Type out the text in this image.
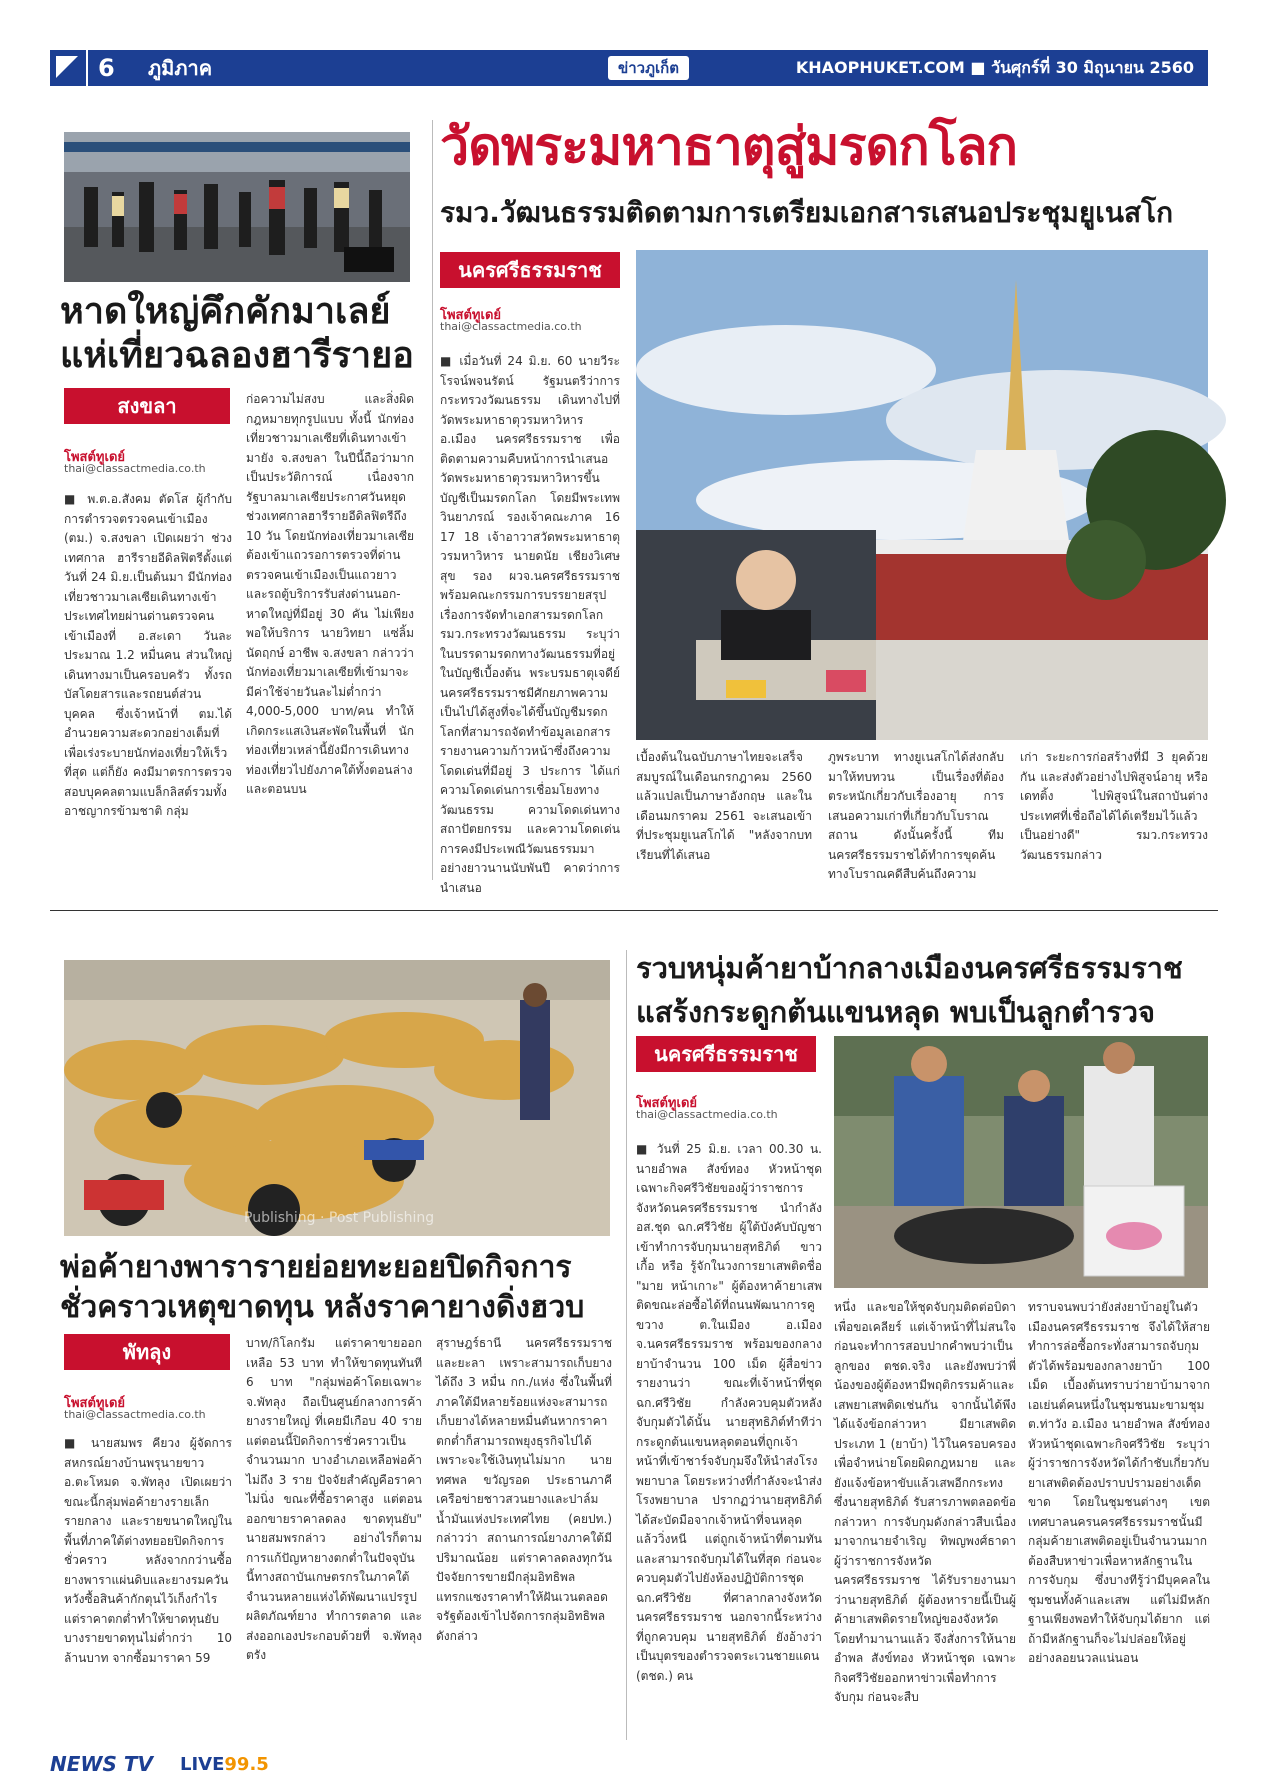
6 ภูมิภาค	ข่าวภูเก็ต	KHAOPHUKET.COM ■ วันศุกร์ที่ 30 มิถุนายน 2560
หาดใหญ่คึกคักมาเลย์ แห่เที่ยวฉลองฮารีรายอ
สงขลา
โพสต์ทูเดย์
thai@classactmedia.co.th

■ พ.ต.อ.สังคม ตัดโส ผู้กำกับ การตำรวจตรวจคนเข้าเมือง (ตม.) จ.สงขลา เปิดเผยว่า ช่วงเทศกาล ฮารีรายอีดิลฟิตรีตั้งแต่วันที่ 24 มิ.ย.เป็นต้นมา มีนักท่องเที่ยวชาวมาเลเซียเดินทางเข้าประเทศไทยผ่านด่านตรวจคนเข้าเมืองที่ อ.สะเดา วันละประมาณ 1.2 หมื่นคน ส่วนใหญ่เดินทางมาเป็นครอบครัว ทั้งรถบัสโดยสารและรถยนต์ส่วนบุคคล ซึ่งเจ้าหน้าที่ ตม.ได้อำนวยความสะดวกอย่างเต็มที่ เพื่อเร่งระบายนักท่องเที่ยวให้เร็วที่สุด แต่ก็ยัง คงมีมาตรการตรวจสอบบุคคลตามแบล็กลิสต์รวมทั้งอาชญากรข้ามชาติ กลุ่ม

ก่อความไม่สงบ และสิ่งผิดกฎหมายทุกรูปแบบ ทั้งนี้ นักท่องเที่ยวชาวมาเลเซียที่เดินทางเข้ามายัง จ.สงขลา ในปีนี้ถือว่ามากเป็นประวัติการณ์ เนื่องจากรัฐบาลมาเลเซียประกาศวันหยุดช่วงเทศกาลฮารีรายอีดิลฟิตรีถึง 10 วัน โดยนักท่องเที่ยวมาเลเซียต้องเข้าแถวรอการตรวจที่ด่านตรวจคนเข้าเมืองเป็นแถวยาว และรถตู้บริการรับส่งด่านนอก-หาดใหญ่ที่มีอยู่ 30 คัน ไม่เพียงพอให้บริการ นายวิทยา แซ่ลิ้ม นัดฤกษ์ อาชีพ จ.สงขลา กล่าวว่า นักท่องเที่ยวมาเลเซียที่เข้ามาจะมีค่าใช้จ่ายวันละไม่ต่ำกว่า 4,000-5,000 บาท/คน ทำให้เกิดกระแสเงินสะพัดในพื้นที่ นักท่องเที่ยวเหล่านี้ยังมีการเดินทางท่องเที่ยวไปยังภาคใต้ทั้งตอนล่างและตอนบน

วัดพระมหาธาตุสู่มรดกโลก
รมว.วัฒนธรรมติดตามการเตรียมเอกสารเสนอประชุมยูเนสโก
นครศรีธรรมราช
โพสต์ทูเดย์
thai@classactmedia.co.th

■ เมื่อวันที่ 24 มิ.ย. 60 นายวีระ โรจน์พจนรัตน์ รัฐมนตรีว่าการกระทรวงวัฒนธรรม เดินทางไปที่วัดพระมหาธาตุวรมหาวิหาร อ.เมือง นครศรีธรรมราช เพื่อติดตามความคืบหน้าการนำเสนอวัดพระมหาธาตุวรมหาวิหารขึ้นบัญชีเป็นมรดกโลก โดยมีพระเทพวินยาภรณ์ รองเจ้าคณะภาค 16 17 18 เจ้าอาวาสวัดพระมหาธาตุวรมหาวิหาร นายดนัย เชียงวิเศษสุข รอง ผวจ.นครศรีธรรมราช พร้อมคณะกรรมการบรรยายสรุปเรื่องการจัดทำเอกสารมรดกโลก รมว.กระทรวงวัฒนธรรม ระบุว่า ในบรรดามรดกทางวัฒนธรรมที่อยู่ในบัญชีเบื้องต้น พระบรมธาตุเจดีย์นครศรีธรรมราชมีศักยภาพความเป็นไปได้สูงที่จะได้ขึ้นบัญชีมรดกโลกที่สามารถจัดทำข้อมูลเอกสารรายงานความก้าวหน้าซึ่งถึงความโดดเด่นที่มีอยู่ 3 ประการ ได้แก่ความโดดเด่นการเชื่อมโยงทางวัฒนธรรม ความโดดเด่นทางสถาปัตยกรรม และความโดดเด่นการคงมีประเพณีวัฒนธรรมมาอย่างยาวนานนับพันปี คาดว่าการนำเสนอ

เบื้องต้นในฉบับภาษาไทยจะเสร็จสมบูรณ์ในเดือนกรกฎาคม 2560 แล้วแปลเป็นภาษาอังกฤษ และในเดือนมกราคม 2561 จะเสนอเข้าที่ประชุมยูเนสโกได้ "หลังจากบทเรียนที่ได้เสนอ

ภูพระบาท ทางยูเนสโกได้ส่งกลับมาให้ทบทวน เป็นเรื่องที่ต้องตระหนักเกี่ยวกับเรื่องอายุ การเสนอความเก่าที่เกี่ยวกับโบราณสถาน ดังนั้นครั้งนี้ ทีมนครศรีธรรมราชได้ทำการขุดค้นทางโบราณคดีสืบค้นถึงความ

เก่า ระยะการก่อสร้างที่มี 3 ยุคด้วยกัน และส่งตัวอย่างไปพิสูจน์อายุ หรือ เดทติ้ง ไปพิสูจน์ในสถาบันต่างประเทศที่เชื่อถือได้ได้เตรียมไว้แล้วเป็นอย่างดี" รมว.กระทรวงวัฒนธรรมกล่าว

Publishing · Post Publishing
พ่อค้ายางพารารายย่อยทะยอยปิดกิจการ ชั่วคราวเหตุขาดทุน หลังราคายางดิ่งฮวบ
พัทลุง
โพสต์ทูเดย์
thai@classactmedia.co.th

■ นายสมพร คียวง ผู้จัดการสหกรณ์ยางบ้านพรุนายขาว อ.ตะโหมด จ.พัทลุง เปิดเผยว่า ขณะนี้กลุ่มพ่อค้ายางรายเล็ก รายกลาง และรายขนาดใหญ่ในพื้นที่ภาคใต้ต่างทยอยปิดกิจการชั่วคราว หลังจากกว่านซื้อยางพาราแผ่นดิบและยางรมควันหวังซื้อสินค้ากักตุนไว้เก็งกำไร แต่ราคาตกต่ำทำให้ขาดทุนยับ บางรายขาดทุนไม่ต่ำกว่า 10 ล้านบาท จากซื้อมาราคา 59

บาท/กิโลกรัม แต่ราคาขายออกเหลือ 53 บาท ทำให้ขาดทุนทันที 6 บาท "กลุ่มพ่อค้าโดยเฉพาะ จ.พัทลุง ถือเป็นศูนย์กลางการค้ายางรายใหญ่ ที่เคยมีเกือบ 40 ราย แต่ตอนนี้ปิดกิจการชั่วคราวเป็นจำนวนมาก บางอำเภอเหลือพ่อค้าไม่ถึง 3 ราย ปัจจัยสำคัญคือราคาไม่นิ่ง ขณะที่ซื้อราคาสูง แต่ตอนออกขายราคาลดลง ขาดทุนยับ" นายสมพรกล่าว อย่างไรก็ตาม การแก้ปัญหายางตกต่ำในปัจจุบันนี้ทางสถาบันเกษตรกรในภาคใต้จำนวนหลายแห่งได้พัฒนาแปรรูปผลิตภัณฑ์ยาง ทำการตลาด และส่งออกเองประกอบด้วยที่ จ.พัทลุง ตรัง

สุราษฎร์ธานี นครศรีธรรมราช และยะลา เพราะสามารถเก็บยางได้ถึง 3 หมื่น กก./แห่ง ซึ่งในพื้นที่ภาคใต้มีหลายร้อยแห่งจะสามารถเก็บยางได้หลายหมื่นตันหากราคาตกต่ำก็สามารถพยุงธุรกิจไปได้เพราะจะใช้เงินทุนไม่มาก นายทศพล ขวัญรอด ประธานภาคีเครือข่ายชาวสวนยางและปาล์มน้ำมันแห่งประเทศไทย (คยปท.) กล่าวว่า สถานการณ์ยางภาคใต้มีปริมาณน้อย แต่ราคาลดลงทุกวัน ปัจจัยการขายมีกลุ่มอิทธิพลแทรกแซงราคาทำให้ฝันเวนตลอดจรัฐต้องเข้าไปจัดการกลุ่มอิทธิพลดังกล่าว

รวบหนุ่มค้ายาบ้ากลางเมืองนครศรีธรรมราช แสร้งกระดูกต้นแขนหลุด พบเป็นลูกตำรวจ
นครศรีธรรมราช
โพสต์ทูเดย์
thai@classactmedia.co.th

■ วันที่ 25 มิ.ย. เวลา 00.30 น. นายอำพล สังข์ทอง หัวหน้าชุดเฉพาะกิจศรีวิชัยของผู้ว่าราชการจังหวัดนครศรีธรรมราช นำกำลัง อส.ชุด ฉก.ศรีวิชัย ผู้ใต้บังคับบัญชาเข้าทำการจับกุมนายสุทธิภิต์ ขาวเกื้อ หรือ รู้จักในวงการยาเสพติดชื่อ "มาย หน้าเกาะ" ผู้ต้องหาค้ายาเสพติดขณะล่อซื้อได้ที่ถนนพัฒนาการคูขวาง ต.ในเมือง อ.เมือง จ.นครศรีธรรมราช พร้อมของกลางยาบ้าจำนวน 100 เม็ด ผู้สื่อข่าวรายงานว่า ขณะที่เจ้าหน้าที่ชุด ฉก.ศรีวิชัย กำลังควบคุมตัวหลังจับกุมตัวได้นั้น นายสุทธิภิต์ทำทีว่ากระดูกต้นแขนหลุดตอนที่ถูกเจ้าหน้าที่เข้าชาร์จจับกุมจึงให้นำส่งโรงพยาบาล โดยระหว่างที่กำลังจะนำส่งโรงพยาบาล ปรากฏว่านายสุทธิภิต์ ได้สะบัดมือจากเจ้าหน้าที่จนหลุดแล้ววิ่งหนี แต่ถูกเจ้าหน้าที่ตามทันและสามารถจับกุมได้ในที่สุด ก่อนจะควบคุมตัวไปยังห้องปฏิบัติการชุด ฉก.ศรีวิชัย ที่ศาลากลางจังหวัดนครศรีธรรมราช นอกจากนี้ระหว่างที่ถูกควบคุม นายสุทธิภิต์ ยังอ้างว่าเป็นบุตรของตำรวจตระเวนชายแดน (ตชด.) คน

หนึ่ง และขอให้ชุดจับกุมติดต่อบิดาเพื่อขอเคลียร์ แต่เจ้าหน้าที่ไม่สนใจ ก่อนจะทำการสอบปากคำพบว่าเป็นลูกของ ตชด.จริง และยังพบว่าพี่น้องของผู้ต้องหามีพฤติกรรมค้าและเสพยาเสพติดเช่นกัน จากนั้นได้พึงได้แจ้งข้อกล่าวหา มียาเสพติดประเภท 1 (ยาบ้า) ไว้ในครอบครองเพื่อจำหน่ายโดยผิดกฎหมาย และยังแจ้งข้อหาขับแล้วเสพอีกกระทง ซึ่งนายสุทธิภิต์ รับสารภาพตลอดข้อกล่าวหา การจับกุมดังกล่าวสืบเนื่องมาจากนายจำเริญ ทิพญพงศ์ธาดา ผู้ว่าราชการจังหวัดนครศรีธรรมราช ได้รับรายงานมาว่านายสุทธิภิต์ ผู้ต้องหารายนี้เป็นผู้ค้ายาเสพติดรายใหญ่ของจังหวัด โดยทำมานานแล้ว จึงสั่งการให้นายอำพล สังข์ทอง หัวหน้าชุด เฉพาะกิจศรีวิชัยออกหาข่าวเพื่อทำการจับกุม ก่อนจะสืบ

ทราบจนพบว่ายังส่งยาบ้าอยู่ในตัวเมืองนครศรีธรรมราช จึงได้ให้สายทำการล่อซื้อกระทั่งสามารถจับกุมตัวได้พร้อมของกลางยาบ้า 100 เม็ด เบื้องต้นทราบว่ายาบ้ามาจากเอเย่นต์คนหนึ่งในชุมชนมะขามชุม ต.ท่าวัง อ.เมือง นายอำพล สังข์ทอง หัวหน้าชุดเฉพาะกิจศรีวิชัย ระบุว่า ผู้ว่าราชการจังหวัดได้กำชับเกี่ยวกับยาเสพติดต้องปราบปรามอย่างเด็ดขาด โดยในชุมชนต่างๆ เขตเทศบาลนครนครศรีธรรมราชนั้นมีกลุ่มค้ายาเสพติดอยู่เป็นจำนวนมาก ต้องสืบหาข่าวเพื่อหาหลักฐานในการจับกุม ซึ่งบางทีรู้ว่ามีบุคคลในชุมชนทั้งค้าและเสพ แต่ไม่มีหลักฐานเพียงพอทำให้จับกุมได้ยาก แต่ถ้ามีหลักฐานก็จะไม่ปล่อยให้อยู่อย่างลอยนวลแน่นอน

NEWS TV LIVE99.5
